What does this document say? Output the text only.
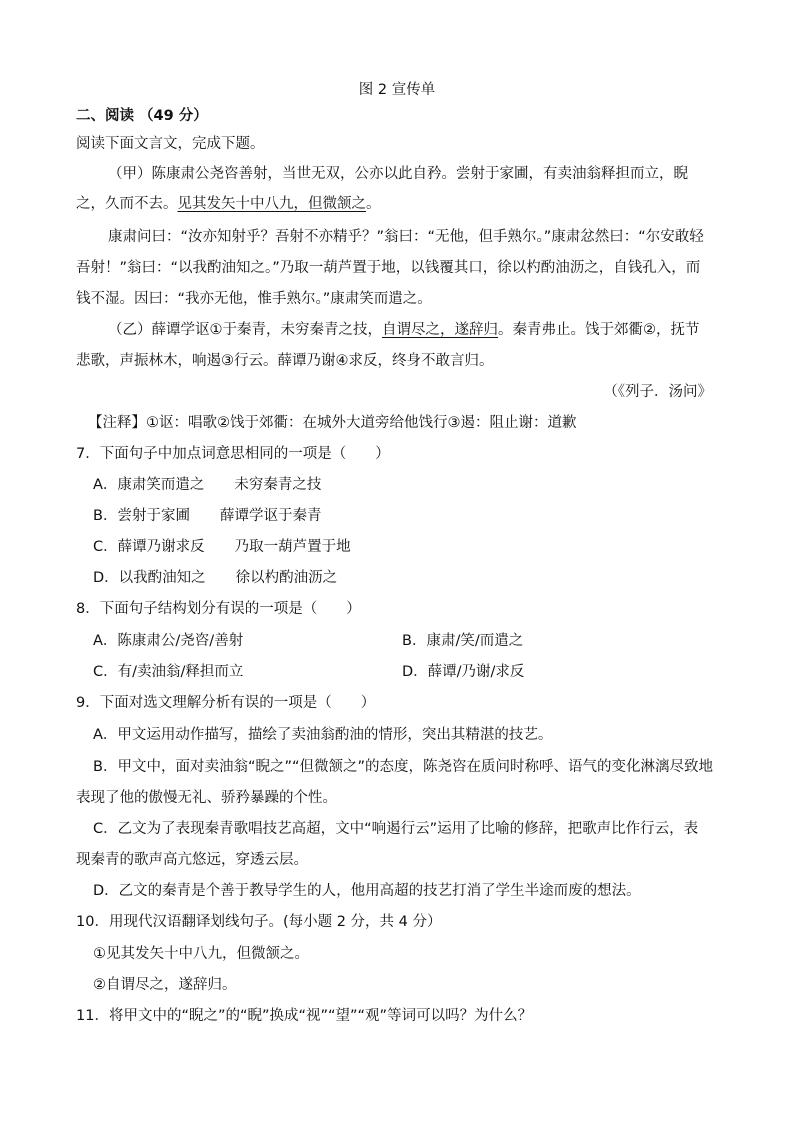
图 2 宣传单
二、阅读 （49 分）
阅读下面文言文，完成下题。
（甲）陈康肃公尧咨善射，当世无双，公亦以此自矜。尝射于家圃，有卖油翁释担而立，睨
之，久而不去。见其发矢十中八九，但微颔之。
康肃问曰：“汝亦知射乎？吾射不亦精乎？”翁曰：“无他，但手熟尔。”康肃忿然曰：“尔安敢轻
吾射！”翁曰：“以我酌油知之。”乃取一葫芦置于地，以钱覆其口，徐以杓酌油沥之，自钱孔入，而
钱不湿。因曰：“我亦无他，惟手熟尔。”康肃笑而遣之。
（乙）薛谭学讴①于秦青，未穷秦青之技，自谓尽之，遂辞归。秦青弗止。饯于郊衢②，抚节
悲歌，声振林木，响遏③行云。薛谭乃谢④求反，终身不敢言归。
（《列子．汤问》
【注释】①讴：唱歌②饯于郊衢：在城外大道旁给他饯行③遏：阻止谢：道歉
7．下面句子中加点词意思相同的一项是（　　）
A．康肃笑而遣之 未穷秦青之技
B．尝射于家圃 薛谭学讴于秦青
C．薛谭乃谢求反 乃取一葫芦置于地
D．以我酌油知之 徐以杓酌油沥之
8．下面句子结构划分有误的一项是（　　）
A．陈康肃公/尧咨/善射	B．康肃/笑/而遣之
C．有/卖油翁/释担而立	D．薛谭/乃谢/求反
9．下面对选文理解分析有误的一项是（　　）
A．甲文运用动作描写，描绘了卖油翁酌油的情形，突出其精湛的技艺。
B．甲文中，面对卖油翁“睨之”“但微颔之”的态度，陈尧咨在质问时称呼、语气的变化淋漓尽致地
表现了他的傲慢无礼、骄矜暴躁的个性。
C．乙文为了表现秦青歌唱技艺高超，文中“响遏行云”运用了比喻的修辞，把歌声比作行云，表
现秦青的歌声高亢悠远，穿透云层。
D．乙文的秦青是个善于教导学生的人，他用高超的技艺打消了学生半途而废的想法。
10．用现代汉语翻译划线句子。(每小题 2 分，共 4 分）
①见其发矢十中八九，但微颔之。
②自谓尽之，遂辞归。
11．将甲文中的“睨之”的“睨”换成“视”“望”“观”等词可以吗？为什么？
